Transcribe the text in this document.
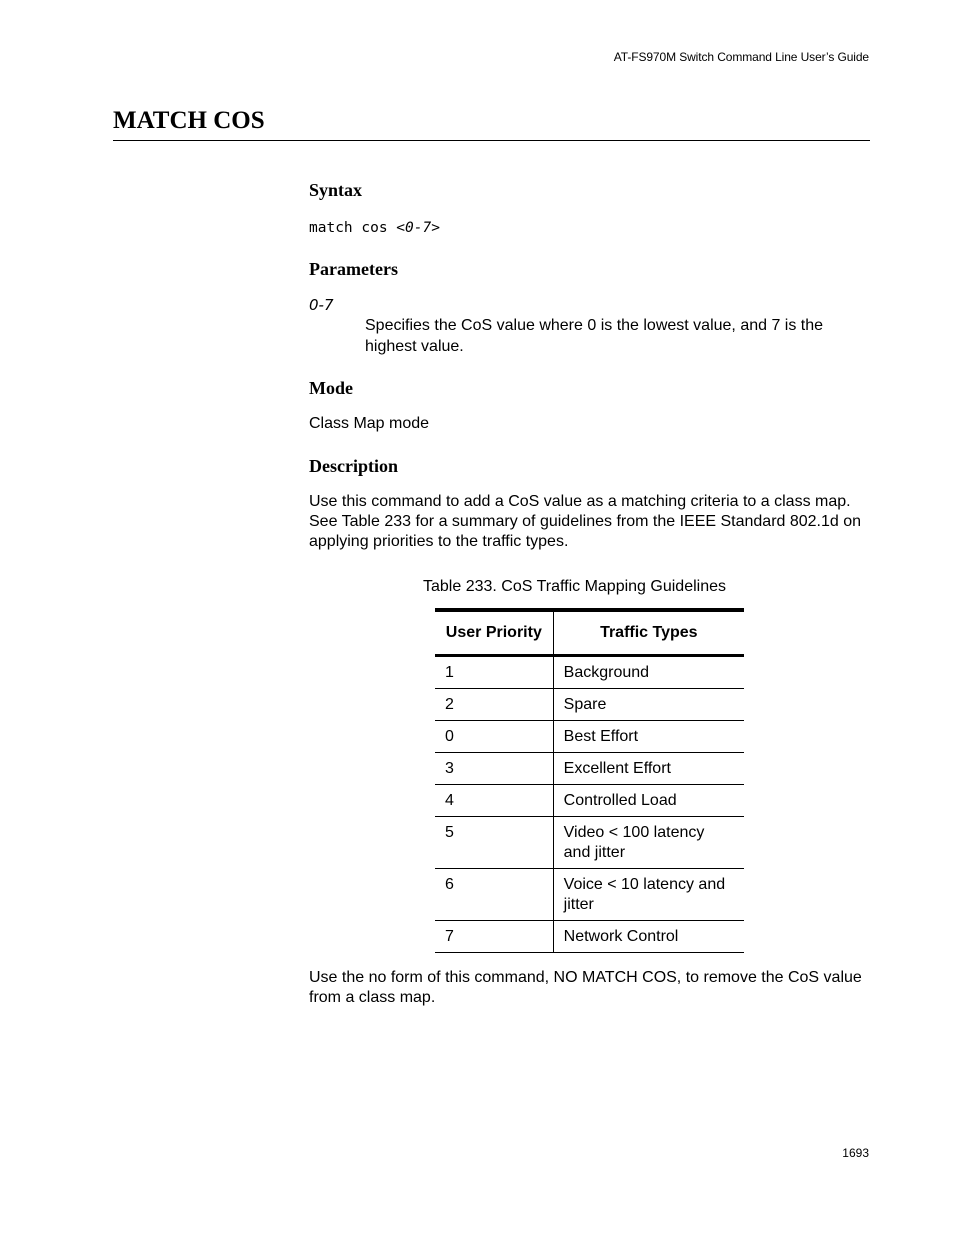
AT-FS970M Switch Command Line User’s Guide
MATCH COS
Syntax
match cos <0-7>
Parameters
0-7
Specifies the CoS value where 0 is the lowest value, and 7 is the highest value.
Mode
Class Map mode
Description
Use this command to add a CoS value as a matching criteria to a class map. See Table 233 for a summary of guidelines from the IEEE Standard 802.1d on applying priorities to the traffic types.
Table 233. CoS Traffic Mapping Guidelines
User Priority	Traffic Types
1	Background
2	Spare
0	Best Effort
3	Excellent Effort
4	Controlled Load
5	Video < 100 latency and jitter
6	Voice < 10 latency and jitter
7	Network Control
Use the no form of this command, NO MATCH COS, to remove the CoS value from a class map.
1693
